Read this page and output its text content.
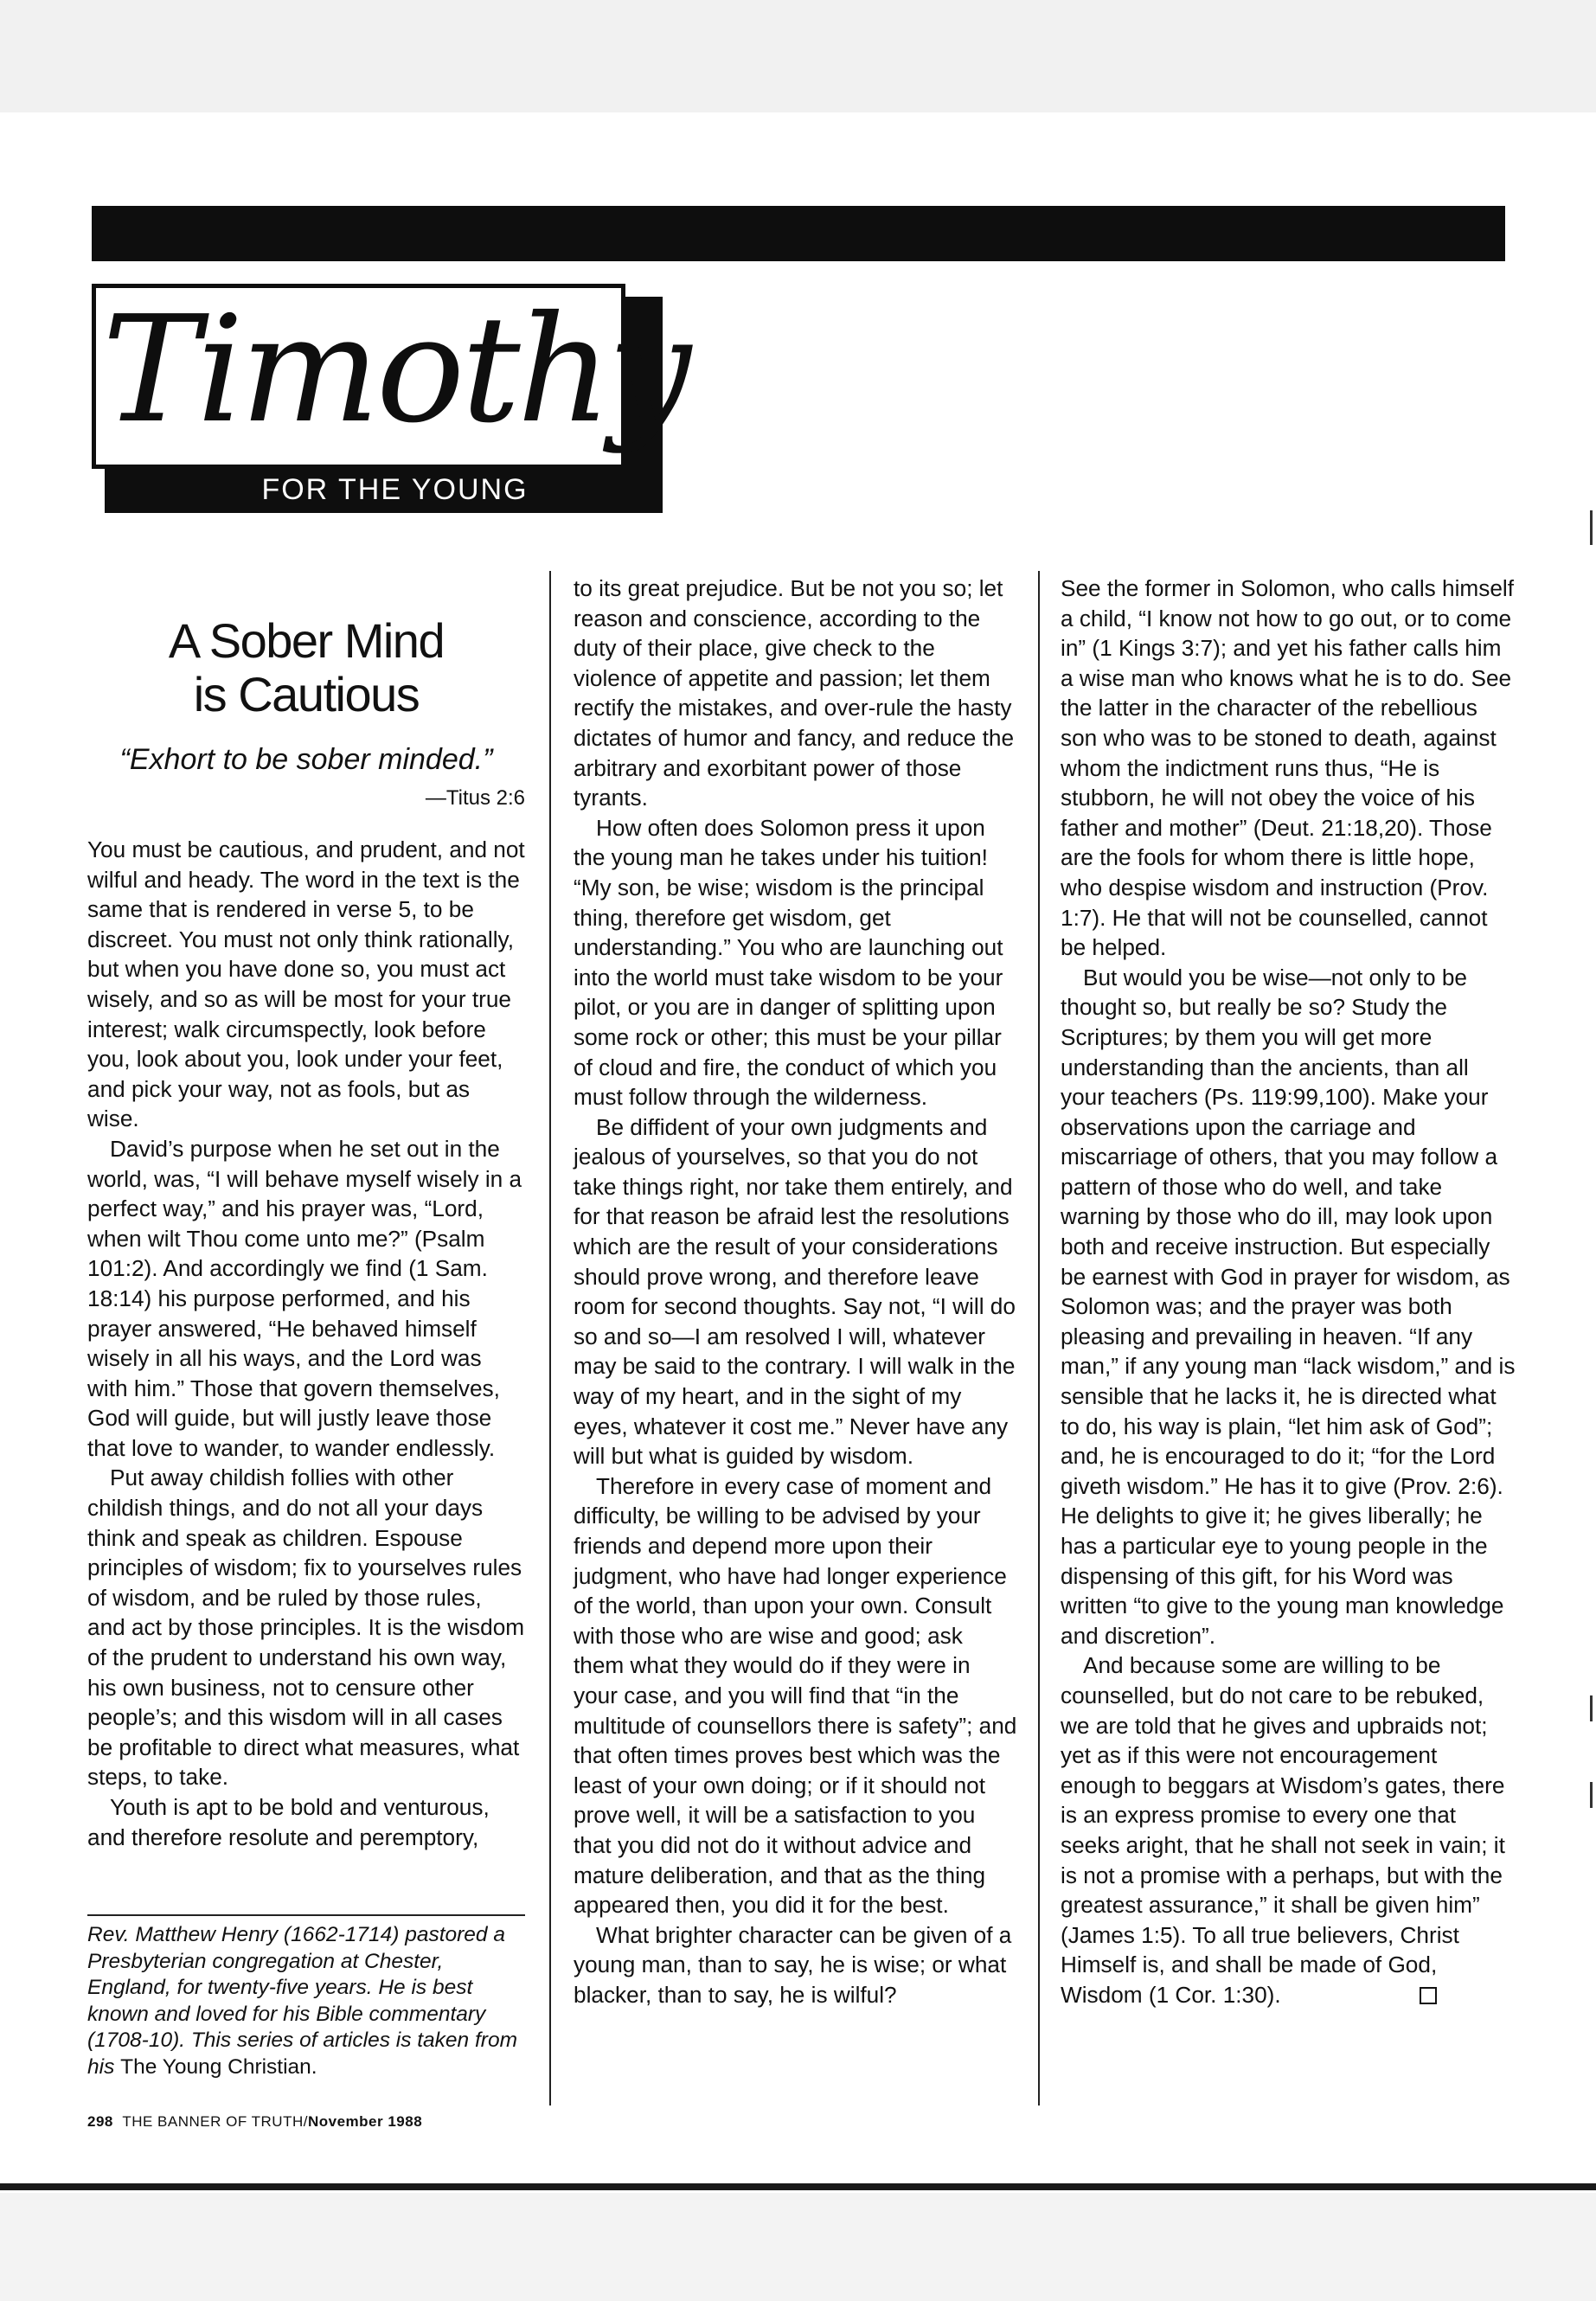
Timothy
FOR THE YOUNG
A Sober Mind
is Cautious
“Exhort to be sober minded.”
—Titus 2:6

You must be cautious, and prudent, and not wilful and heady. The word in the text is the same that is rendered in verse 5, to be discreet. You must not only think rationally, but when you have done so, you must act wisely, and so as will be most for your true interest; walk circumspectly, look before you, look about you, look under your feet, and pick your way, not as fools, but as wise.

David’s purpose when he set out in the world, was, “I will behave myself wisely in a perfect way,” and his prayer was, “Lord, when wilt Thou come unto me?” (Psalm 101:2). And accordingly we find (1 Sam. 18:14) his purpose performed, and his prayer answered, “He behaved himself wisely in all his ways, and the Lord was with him.” Those that govern themselves, God will guide, but will justly leave those that love to wander, to wander endlessly.

Put away childish follies with other childish things, and do not all your days think and speak as children. Espouse principles of wisdom; fix to yourselves rules of wisdom, and be ruled by those rules, and act by those principles. It is the wisdom of the prudent to understand his own way, his own business, not to censure other people’s; and this wisdom will in all cases be profitable to direct what measures, what steps, to take.

Youth is apt to be bold and venturous, and therefore resolute and peremptory,

Rev. Matthew Henry (1662-1714) pastored a Presbyterian congregation at Chester, England, for twenty-five years. He is best known and loved for his Bible commentary (1708-10). This series of articles is taken from his The Young Christian.

to its great prejudice. But be not you so; let reason and conscience, according to the duty of their place, give check to the violence of appetite and passion; let them rectify the mistakes, and over-rule the hasty dictates of humor and fancy, and reduce the arbitrary and exorbitant power of those tyrants.

How often does Solomon press it upon the young man he takes under his tuition! “My son, be wise; wisdom is the principal thing, therefore get wisdom, get understanding.” You who are launching out into the world must take wisdom to be your pilot, or you are in danger of splitting upon some rock or other; this must be your pillar of cloud and fire, the conduct of which you must follow through the wilderness.

Be diffident of your own judgments and jealous of yourselves, so that you do not take things right, nor take them entirely, and for that reason be afraid lest the resolutions which are the result of your considerations should prove wrong, and therefore leave room for second thoughts. Say not, “I will do so and so—I am resolved I will, whatever may be said to the contrary. I will walk in the way of my heart, and in the sight of my eyes, whatever it cost me.” Never have any will but what is guided by wisdom.

Therefore in every case of moment and difficulty, be willing to be advised by your friends and depend more upon their judgment, who have had longer experience of the world, than upon your own. Consult with those who are wise and good; ask them what they would do if they were in your case, and you will find that “in the multitude of counsellors there is safety”; and that often times proves best which was the least of your own doing; or if it should not prove well, it will be a satisfaction to you that you did not do it without advice and mature deliberation, and that as the thing appeared then, you did it for the best.

What brighter character can be given of a young man, than to say, he is wise; or what blacker, than to say, he is wilful?

See the former in Solomon, who calls himself a child, “I know not how to go out, or to come in” (1 Kings 3:7); and yet his father calls him a wise man who knows what he is to do. See the latter in the character of the rebellious son who was to be stoned to death, against whom the indictment runs thus, “He is stubborn, he will not obey the voice of his father and mother” (Deut. 21:18,20). Those are the fools for whom there is little hope, who despise wisdom and instruction (Prov. 1:7). He that will not be counselled, cannot be helped.

But would you be wise—not only to be thought so, but really be so? Study the Scriptures; by them you will get more understanding than the ancients, than all your teachers (Ps. 119:99,100). Make your observations upon the carriage and miscarriage of others, that you may follow a pattern of those who do well, and take warning by those who do ill, may look upon both and receive instruction. But especially be earnest with God in prayer for wisdom, as Solomon was; and the prayer was both pleasing and prevailing in heaven. “If any man,” if any young man “lack wisdom,” and is sensible that he lacks it, he is directed what to do, his way is plain, “let him ask of God”; and, he is encouraged to do it; “for the Lord giveth wisdom.” He has it to give (Prov. 2:6). He delights to give it; he gives liberally; he has a particular eye to young people in the dispensing of this gift, for his Word was written “to give to the young man knowledge and discretion”.

And because some are willing to be counselled, but do not care to be rebuked, we are told that he gives and upbraids not; yet as if this were not encouragement enough to beggars at Wisdom’s gates, there is an express promise to every one that seeks aright, that he shall not seek in vain; it is not a promise with a perhaps, but with the greatest assurance,” it shall be given him” (James 1:5). To all true believers, Christ Himself is, and shall be made of God, Wisdom (1 Cor. 1:30).

298 THE BANNER OF TRUTH/November 1988
